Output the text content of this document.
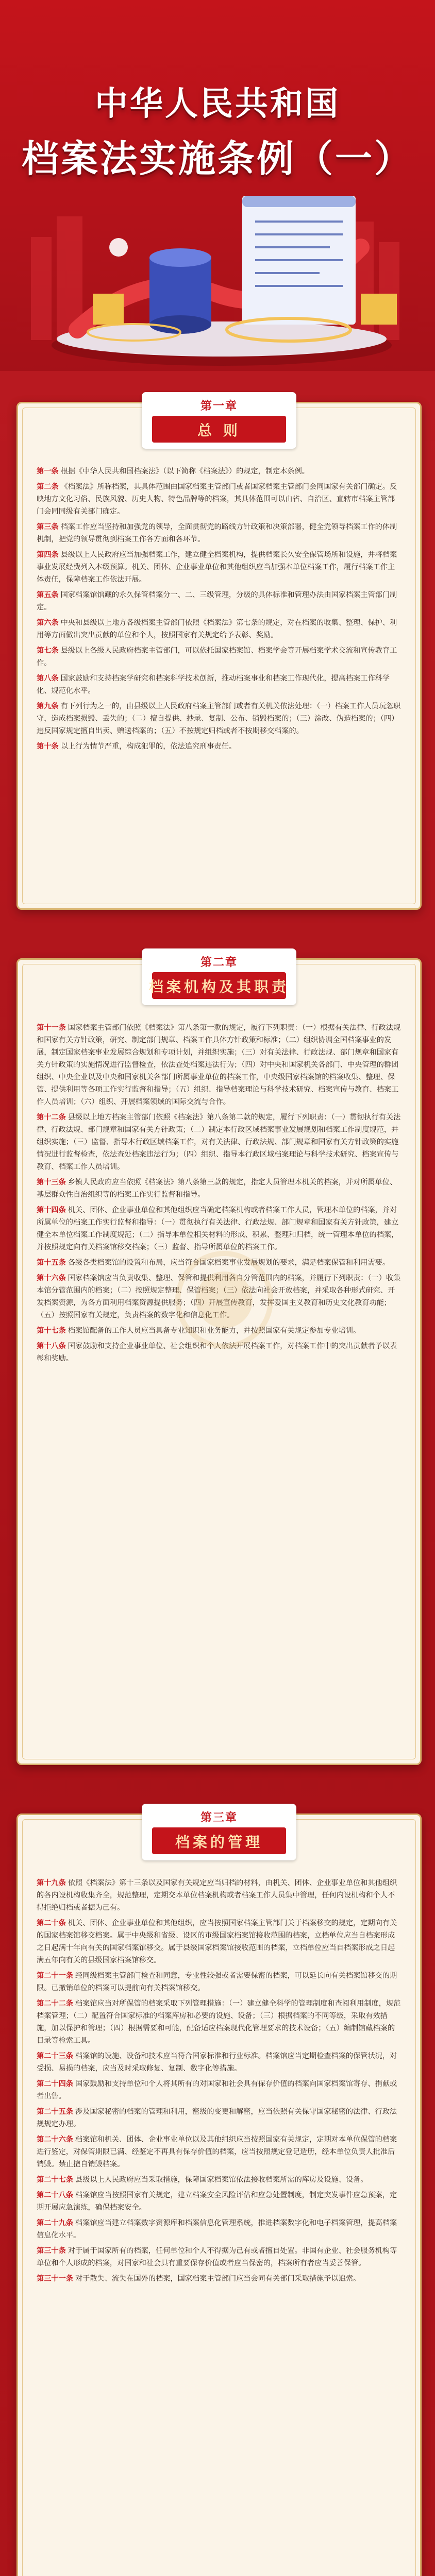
中华人民共和国
档案法实施条例（一）
第一章
总 则

第一条 根据《中华人民共和国档案法》（以下简称《档案法》）的规定，制定本条例。

第二条 《档案法》所称档案，其具体范围由国家档案主管部门或者国家档案主管部门会同国家有关部门确定。反映地方文化习俗、民族风貌、历史人物、特色品牌等的档案，其具体范围可以由省、自治区、直辖市档案主管部门会同同级有关部门确定。

第三条 档案工作应当坚持和加强党的领导，全面贯彻党的路线方针政策和决策部署，健全党领导档案工作的体制机制，把党的领导贯彻到档案工作各方面和各环节。

第四条 县级以上人民政府应当加强档案工作，建立健全档案机构，提供档案长久安全保管场所和设施，并将档案事业发展经费列入本级预算。机关、团体、企业事业单位和其他组织应当加强本单位档案工作，履行档案工作主体责任，保障档案工作依法开展。

第五条 国家档案馆馆藏的永久保管档案分一、二、三级管理，分级的具体标准和管理办法由国家档案主管部门制定。

第六条 中央和县级以上地方各级档案主管部门依照《档案法》第七条的规定，对在档案的收集、整理、保护、利用等方面做出突出贡献的单位和个人，按照国家有关规定给予表彰、奖励。

第七条 县级以上各级人民政府档案主管部门，可以依托国家档案馆、档案学会等开展档案学术交流和宣传教育工作。

第八条 国家鼓励和支持档案学研究和档案科学技术创新，推动档案事业和档案工作现代化，提高档案工作科学化、规范化水平。

第九条 有下列行为之一的，由县级以上人民政府档案主管部门或者有关机关依法处理：（一）档案工作人员玩忽职守，造成档案损毁、丢失的；（二）擅自提供、抄录、复制、公布、销毁档案的；（三）涂改、伪造档案的；（四）违反国家规定擅自出卖、赠送档案的；（五）不按规定归档或者不按期移交档案的。

第十条 以上行为情节严重，构成犯罪的，依法追究刑事责任。

第二章
档案机构及其职责

第十一条 国家档案主管部门依照《档案法》第八条第一款的规定，履行下列职责：（一）根据有关法律、行政法规和国家有关方针政策，研究、制定部门规章、档案工作具体方针政策和标准；（二）组织协调全国档案事业的发展，制定国家档案事业发展综合规划和专项计划，并组织实施；（三）对有关法律、行政法规、部门规章和国家有关方针政策的实施情况进行监督检查，依法查处档案违法行为；（四）对中央和国家机关各部门、中央管理的群团组织、中央企业以及中央和国家机关各部门所属事业单位的档案工作，中央级国家档案馆的档案收集、整理、保管、提供利用等各项工作实行监督和指导；（五）组织、指导档案理论与科学技术研究、档案宣传与教育、档案工作人员培训；（六）组织、开展档案领域的国际交流与合作。

第十二条 县级以上地方档案主管部门依照《档案法》第八条第二款的规定，履行下列职责：（一）贯彻执行有关法律、行政法规、部门规章和国家有关方针政策；（二）制定本行政区域档案事业发展规划和档案工作制度规范，并组织实施；（三）监督、指导本行政区域档案工作，对有关法律、行政法规、部门规章和国家有关方针政策的实施情况进行监督检查，依法查处档案违法行为；（四）组织、指导本行政区域档案理论与科学技术研究、档案宣传与教育、档案工作人员培训。

第十三条 乡镇人民政府应当依照《档案法》第八条第三款的规定，指定人员管理本机关的档案，并对所属单位、基层群众性自治组织等的档案工作实行监督和指导。

第十四条 机关、团体、企业事业单位和其他组织应当确定档案机构或者档案工作人员，管理本单位的档案，并对所属单位的档案工作实行监督和指导：（一）贯彻执行有关法律、行政法规、部门规章和国家有关方针政策，建立健全本单位档案工作制度规范；（二）指导本单位相关材料的形成、积累、整理和归档，统一管理本单位的档案，并按照规定向有关档案馆移交档案；（三）监督、指导所属单位的档案工作。

第十五条 各级各类档案馆的设置和布局，应当符合国家档案事业发展规划的要求，满足档案保管和利用需要。

第十六条 国家档案馆应当负责收集、整理、保管和提供利用各自分管范围内的档案，并履行下列职责：（一）收集本馆分管范围内的档案；（二）按照规定整理、保管档案；（三）依法向社会开放档案，并采取各种形式研究、开发档案资源，为各方面利用档案资源提供服务；（四）开展宣传教育，发挥爱国主义教育和历史文化教育功能；（五）按照国家有关规定，负责档案的数字化和信息化工作。

第十七条 档案馆配备的工作人员应当具备专业知识和业务能力，并按照国家有关规定参加专业培训。

第十八条 国家鼓励和支持企业事业单位、社会组织和个人依法开展档案工作，对档案工作中的突出贡献者予以表彰和奖励。

第三章
档案的管理

第十九条 依照《档案法》第十三条以及国家有关规定应当归档的材料，由机关、团体、企业事业单位和其他组织的各内设机构收集齐全，规范整理，定期交本单位档案机构或者档案工作人员集中管理，任何内设机构和个人不得拒绝归档或者据为己有。

第二十条 机关、团体、企业事业单位和其他组织，应当按照国家档案主管部门关于档案移交的规定，定期向有关的国家档案馆移交档案。属于中央级和省级、设区的市级国家档案馆接收范围的档案，立档单位应当自档案形成之日起满十年向有关的国家档案馆移交。属于县级国家档案馆接收范围的档案，立档单位应当自档案形成之日起满五年向有关的县级国家档案馆移交。

第二十一条 经同级档案主管部门检查和同意，专业性较强或者需要保密的档案，可以延长向有关档案馆移交的期限。已撤销单位的档案可以提前向有关档案馆移交。

第二十二条 档案馆应当对所保管的档案采取下列管理措施：（一）建立健全科学的管理制度和查阅利用制度，规范档案管理；（二）配置符合国家标准的档案库房和必要的设施、设备；（三）根据档案的不同等级，采取有效措施，加以保护和管理；（四）根据需要和可能，配备适应档案现代化管理要求的技术设备；（五）编制馆藏档案的目录等检索工具。

第二十三条 档案馆的设施、设备和技术应当符合国家标准和行业标准。档案馆应当定期检查档案的保管状况，对受损、易损的档案，应当及时采取修复、复制、数字化等措施。

第二十四条 国家鼓励和支持单位和个人将其所有的对国家和社会具有保存价值的档案向国家档案馆寄存、捐献或者出售。

第二十五条 涉及国家秘密的档案的管理和利用，密级的变更和解密，应当依照有关保守国家秘密的法律、行政法规规定办理。

第二十六条 档案馆和机关、团体、企业事业单位以及其他组织应当按照国家有关规定，定期对本单位保管的档案进行鉴定，对保管期限已满、经鉴定不再具有保存价值的档案，应当按照规定登记造册，经本单位负责人批准后销毁。禁止擅自销毁档案。

第二十七条 县级以上人民政府应当采取措施，保障国家档案馆依法接收档案所需的库房及设施、设备。

第二十八条 档案馆应当按照国家有关规定，建立档案安全风险评估和应急处置制度，制定突发事件应急预案，定期开展应急演练，确保档案安全。

第二十九条 档案馆应当建立档案数字资源库和档案信息化管理系统，推进档案数字化和电子档案管理，提高档案信息化水平。

第三十条 对于属于国家所有的档案，任何单位和个人不得据为己有或者擅自处置。非国有企业、社会服务机构等单位和个人形成的档案，对国家和社会具有重要保存价值或者应当保密的，档案所有者应当妥善保管。

第三十一条 对于散失、流失在国外的档案，国家档案主管部门应当会同有关部门采取措施予以追索。
